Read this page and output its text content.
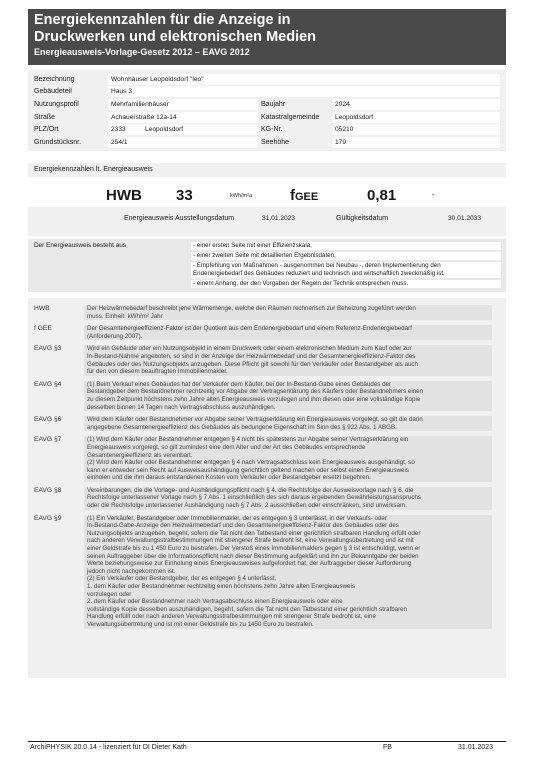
Energiekennzahlen für die Anzeige in
Druckwerken und elektronischen Medien
Energieausweis-Vorlage-Gesetz 2012 – EAVG 2012
Bezeichnung	Wohnhäuser Leopoldsdorf "leo"
Gebäudeteil	Haus 3
Nutzungsprofil	Mehrfamilienhäuser	Baujahr	2024
Straße	Achauerstraße 12a-14	Katastralgemeinde	Leopoldsdorf
PLZ/Ort	2333	Leopoldsdorf	KG-Nr.	05210
Grundstücksnr.	254/1	Seehöhe	179
Energiekennzahlen lt. Energieausweis
HWB 33	kWh/m²a	fGEE	0,81	-
Energieausweis Ausstellungsdatum	31.01.2023	Gültigkeitsdatum	30.01.2033
Der Energieausweis besteht aus	- einer ersten Seite mit einer Effizienzskala,
- einer zweiten Seite mit detaillierten Ergebnisdaten,
- Empfehlung von Maßnahmen - ausgenommen bei Neubau -, deren Implementierung den
Endenergiebedarf des Gebäudes reduziert und technisch und wirtschaftlich zweckmäßig ist,
- einem Anhang, der den Vorgaben der Regeln der Technik entsprechen muss.
HWB	Der Heizwärmebedarf beschreibt jene Wärmemenge, welche den Räumen rechnerisch zur Beheizung zugeführt werden
muss. Einheit: kWh/m² Jahr
f GEE	Der Gesamtenergieeffizienz-Faktor ist der Quotient aus dem Endenergiebedarf und einem Referenz-Endenergiebedarf
(Anforderung 2007).
EAVG §3	Wird ein Gebäude oder ein Nutzungsobjekt in einem Druckwerk oder einem elektronischen Medium zum Kauf oder zur
In-Bestand-Nahme angeboten, so sind in der Anzeige der Heizwärmebedarf und der Gesamtenergieeffizienz-Faktor des
Gebäudes oder des Nutzungsobjekts anzugeben. Diese Pflicht gilt sowohl für den Verkäufer oder Bestandgeber als auch
für den von diesem beauftragten Immobilienmakler.
EAVG §4	(1) Beim Verkauf eines Gebäudes hat der Verkäufer dem Käufer, bei der In-Bestand-Gabe eines Gebäudes der
Bestandgeber dem Bestandnehmer rechtzeitig vor Abgabe der Vertragserklärung des Käufers oder Bestandnehmers einen
zu diesem Zeitpunkt höchstens zehn Jahre alten Energieausweis vorzulegen und ihm diesen oder eine vollständige Kopie
desselben binnen 14 Tagen nach Vertragsabschluss auszuhändigen.
EAVG §6	Wird dem Käufer oder Bestandnehmer vor Abgabe seiner Vertragserklärung ein Energieausweis vorgelegt, so gilt die darin
angegebene Gesamtenergieeffizienz des Gebäudes als bedungene Eigenschaft im Sinn des § 922 Abs. 1 ABGB.
EAVG §7	(1) Wird dem Käufer oder Bestandnehmer entgegen § 4 nicht bis spätestens zur Abgabe seiner Vertragserklärung ein
Energieausweis vorgelegt, so gilt zumindest eine dem Alter und der Art des Gebäudes entsprechende
Gesamtenergieeffizienz als vereinbart.
(2) Wird dem Käufer oder Bestandnehmer entgegen § 4 nach Vertragsabschluss kein Energieausweis ausgehändigt, so
kann er entweder sein Recht auf Ausweisaushändigung gerichtlich geltend machen oder selbst einen Energieausweis
einholen und die ihm daraus entstandenen Kosten vom Verkäufer oder Bestandgeber ersetzt begehren.
EAVG §8	Vereinbarungen, die die Vorlage- und Aushändigungspflicht nach § 4, die Rechtsfolge der Ausweisvorlage nach § 6, die
Rechtsfolge unterlassener Vorlage nach § 7 Abs. 1 einschließlich des sich daraus ergebenden Gewährleistungsanspruchs
oder die Rechtsfolge unterlassener Aushändigung nach § 7 Abs. 2 ausschließen oder einschränken, sind unwirksam.
EAVG §9	(1) Ein Verkäufer, Bestandgeber oder Immobilienmakler, der es entgegen § 3 unterlässt, in der Verkaufs- oder
In-Bestand-Gabe-Anzeige den Heizwärmebedarf und den Gesamtenergieeffizienz-Faktor des Gebäudes oder des
Nutzungsobjekts anzugeben, begeht, sofern die Tat nicht den Tatbestand einer gerichtlich strafbaren Handlung erfüllt oder
nach anderen Verwaltungsstrafbestimmungen mit strengerer Strafe bedroht ist, eine Verwaltungsübertretung und ist mit
einer Geldstrafe bis zu 1 450 Euro zu bestrafen. Der Verstoß eines Immobilienmaklers gegen § 3 ist entschuldigt, wenn er
seinen Auftraggeber über die Informationspflicht nach dieser Bestimmung aufgeklärt und ihn zur Bekanntgabe der beiden
Werte beziehungsweise zur Einholung eines Energieausweises aufgefordert hat, der Auftraggeber dieser Aufforderung
jedoch nicht nachgekommen ist.
(2) Ein Verkäufer oder Bestandgeber, der es entgegen § 4 unterlässt,
1. dem Käufer oder Bestandnehmer rechtzeitig einen höchstens zehn Jahre alten Energieausweis
vorzulegen oder
2. dem Käufer oder Bestandnehmer nach Vertragsabschluss einen Energieausweis oder eine
vollständige Kopie desselben auszuhändigen, begeht, sofern die Tat nicht den Tatbestand einer gerichtlich strafbaren
Handlung erfüllt oder nach anderen Verwaltungsstrafbestimmungen mit strengerer Strafe bedroht ist, eine
Verwaltungsübertretung und ist mit einer Geldstrafe bis zu 1450 Euro zu bestrafen.
ArchiPHYSIK 20.0.14 - lizenziert für DI Dieter Kath	FB	31.01.2023
